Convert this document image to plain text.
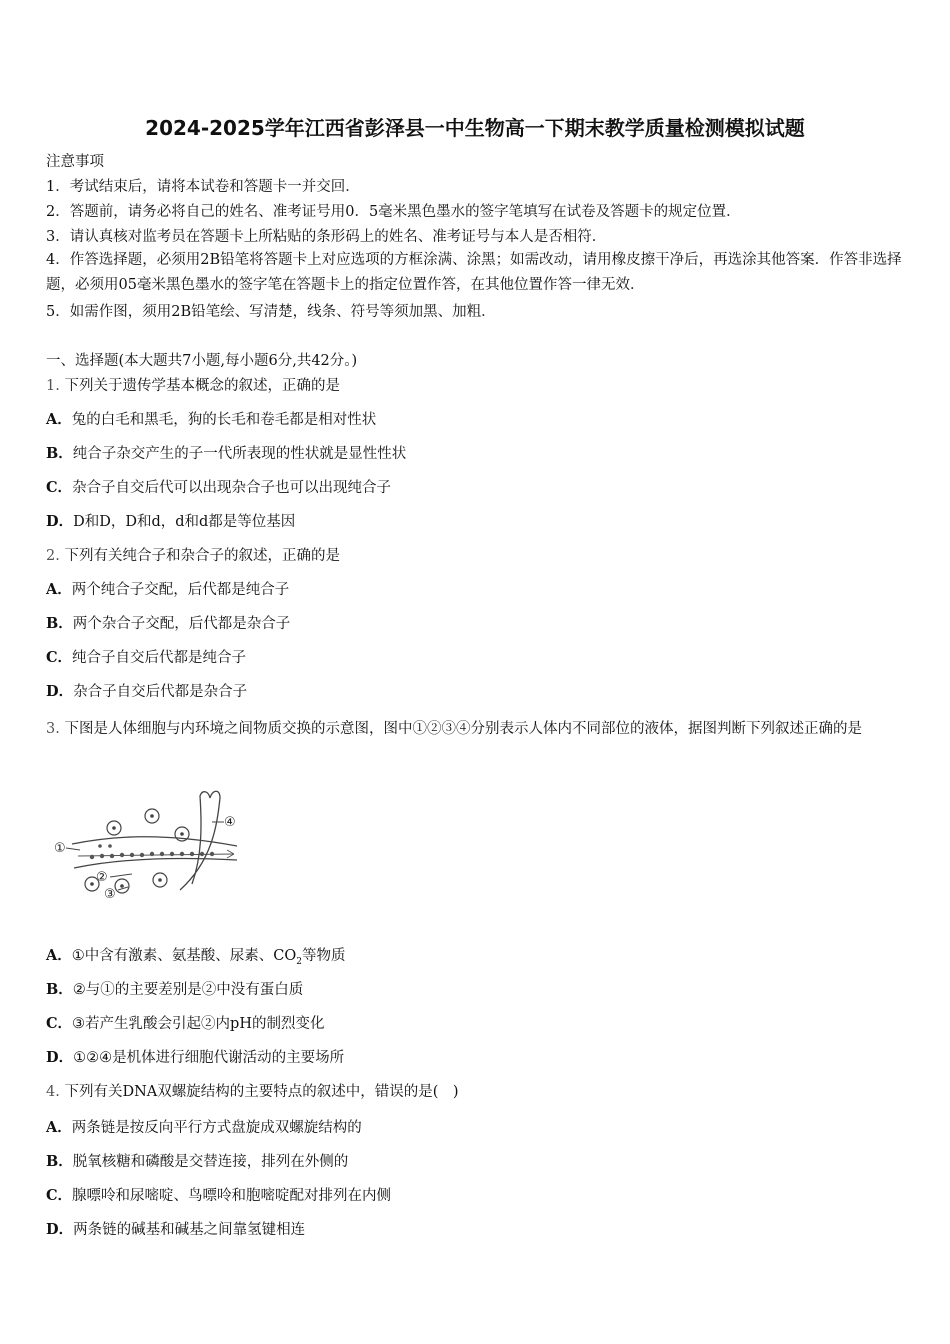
2024-2025学年江西省彭泽县一中生物高一下期末教学质量检测模拟试题
注意事项
1．考试结束后，请将本试卷和答题卡一并交回．
2．答题前，请务必将自己的姓名、准考证号用0．5毫米黑色墨水的签字笔填写在试卷及答题卡的规定位置．
3．请认真核对监考员在答题卡上所粘贴的条形码上的姓名、准考证号与本人是否相符．
4．作答选择题，必须用2B铅笔将答题卡上对应选项的方框涂满、涂黑；如需改动，请用橡皮擦干净后，再选涂其他答案．作答非选择题，必须用05毫米黑色墨水的签字笔在答题卡上的指定位置作答，在其他位置作答一律无效．
5．如需作图，须用2B铅笔绘、写清楚，线条、符号等须加黑、加粗．
一、选择题(本大题共7小题,每小题6分,共42分。)
1. 下列关于遗传学基本概念的叙述，正确的是
A．兔的白毛和黑毛，狗的长毛和卷毛都是相对性状
B．纯合子杂交产生的子一代所表现的性状就是显性性状
C．杂合子自交后代可以出现杂合子也可以出现纯合子
D．D和D，D和d，d和d都是等位基因
2. 下列有关纯合子和杂合子的叙述，正确的是
A．两个纯合子交配，后代都是纯合子
B．两个杂合子交配，后代都是杂合子
C．纯合子自交后代都是纯合子
D．杂合子自交后代都是杂合子
3. 下图是人体细胞与内环境之间物质交换的示意图，图中①②③④分别表示人体内不同部位的液体，据图判断下列叙述正确的是
①
②
③
④
A．①中含有激素、氨基酸、尿素、$CO_2$等物质
B．②与①的主要差别是②中没有蛋白质
C．③若产生乳酸会引起②内pH的制烈变化
D．①②④是机体进行细胞代谢活动的主要场所
4. 下列有关DNA双螺旋结构的主要特点的叙述中，错误的是(　)
A．两条链是按反向平行方式盘旋成双螺旋结构的
B．脱氧核糖和磷酸是交替连接，排列在外侧的
C．腺嘌呤和尿嘧啶、鸟嘌呤和胞嘧啶配对排列在内侧
D．两条链的碱基和碱基之间靠氢键相连
